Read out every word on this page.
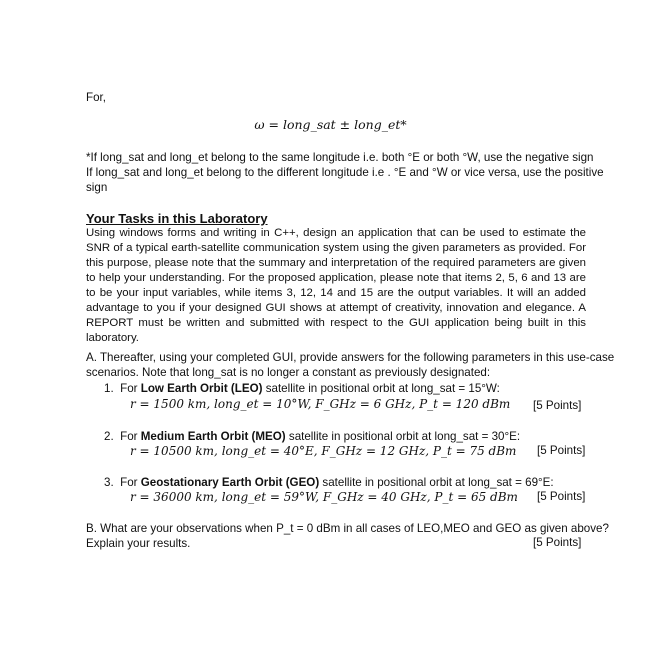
For,
ω = long_sat ± long_et*
*If long_sat and long_et belong to the same longitude i.e. both °E or both °W, use the negative sign
If long_sat and long_et belong to the different longitude i.e . °E and °W or vice versa, use the positive
sign
Your Tasks in this Laboratory
Using windows forms and writing in C++, design an application that can be used to estimate the SNR of a typical earth-satellite communication system using the given parameters as provided. For this purpose, please note that the summary and interpretation of the required parameters are given to help your understanding. For the proposed application, please note that items 2, 5, 6 and 13 are to be your input variables, while items 3, 12, 14 and 15 are the output variables. It will an added advantage to you if your designed GUI shows at attempt of creativity, innovation and elegance. A REPORT must be written and submitted with respect to the GUI application being built in this laboratory.
A. Thereafter, using your completed GUI, provide answers for the following parameters in this use-case
scenarios. Note that long_sat is no longer a constant as previously designated:
1. For Low Earth Orbit (LEO) satellite in positional orbit at long_sat = 15°W:
r = 1500 km, long_et = 10°W, F_GHz = 6 GHz, P_t = 120 dBm [5 Points]
2. For Medium Earth Orbit (MEO) satellite in positional orbit at long_sat = 30°E:
r = 10500 km, long_et = 40°E, F_GHz = 12 GHz, P_t = 75 dBm [5 Points]
3. For Geostationary Earth Orbit (GEO) satellite in positional orbit at long_sat = 69°E:
r = 36000 km, long_et = 59°W, F_GHz = 40 GHz, P_t = 65 dBm [5 Points]
B. What are your observations when P_t = 0 dBm in all cases of LEO,MEO and GEO as given above?
Explain your results.	[5 Points]
